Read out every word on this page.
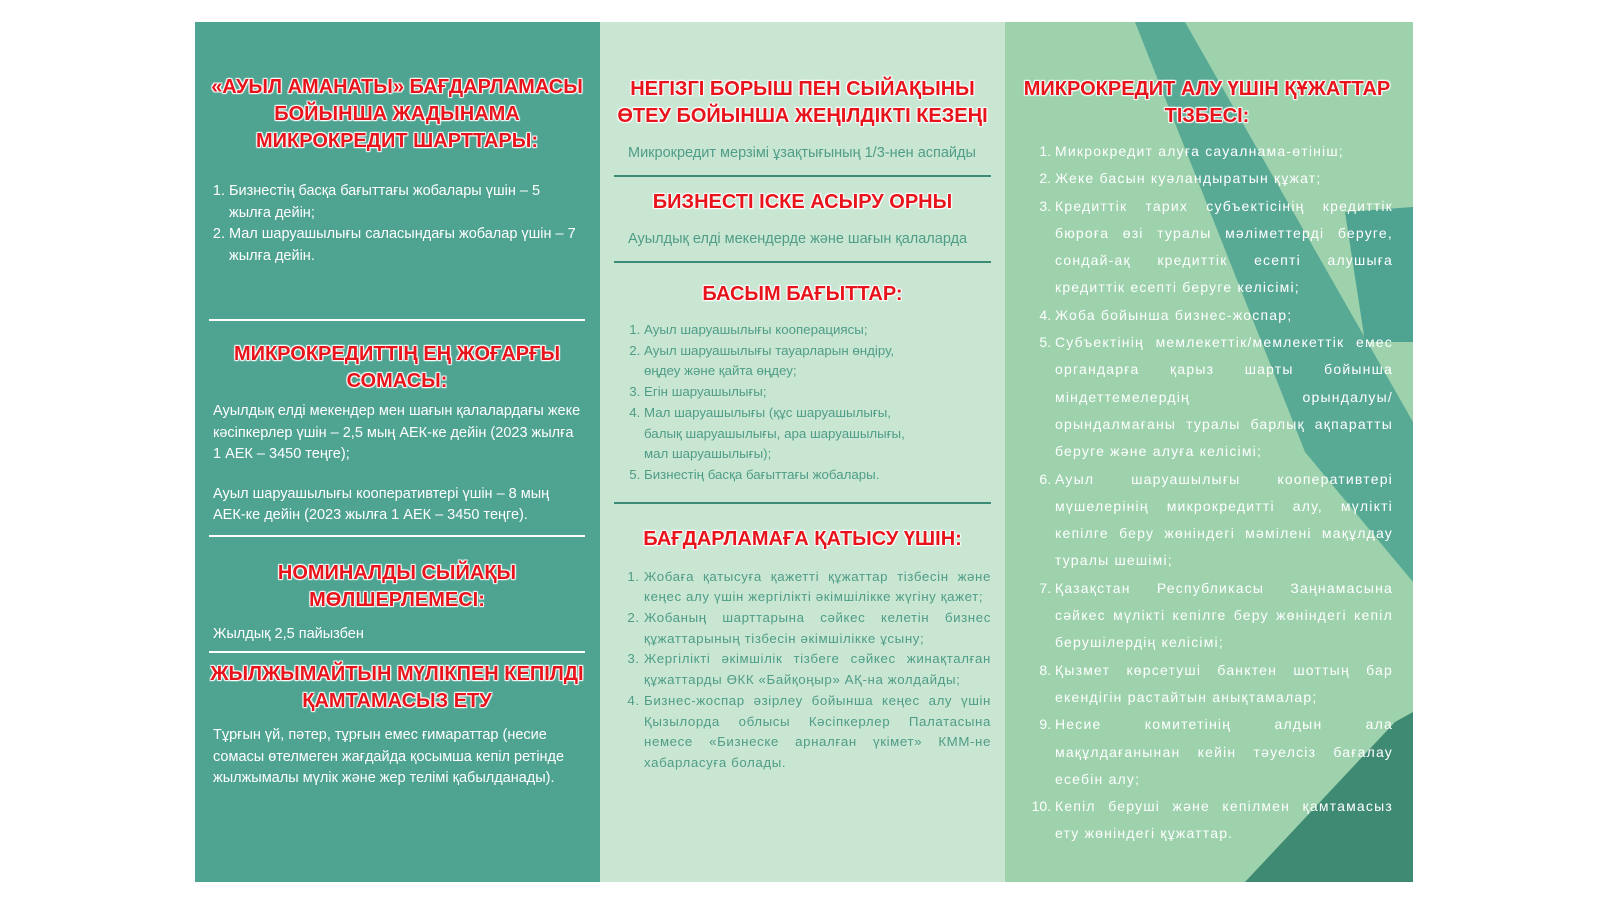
«АУЫЛ АМАНАТЫ» БАҒДАРЛАМАСЫ БОЙЫНША ЖАДЫНАМА МИКРОКРЕДИТ ШАРТТАРЫ:
1. Бизнестің басқа бағыттағы жобалары үшін – 5 жылға дейін;
2. Мал шаруашылығы саласындағы жобалар үшін – 7 жылға дейін.
МИКРОКРЕДИТТІҢ ЕҢ ЖОҒАРҒЫ СОМАСЫ:

Ауылдық елді мекендер мен шағын қалалардағы жеке кәсіпкерлер үшін – 2,5 мың АЕК-ке дейін (2023 жылға 1 АЕК – 3450 теңге);

Ауыл шаруашылығы кооперативтері үшін – 8 мың АЕК-ке дейін (2023 жылға 1 АЕК – 3450 теңге).

НОМИНАЛДЫ СЫЙАҚЫ МӨЛШЕРЛЕМЕСІ:

Жылдық 2,5 пайызбен

ЖЫЛЖЫМАЙТЫН МҮЛІКПЕН КЕПІЛДІ ҚАМТАМАСЫЗ ЕТУ

Тұрғын үй, пәтер, тұрғын емес ғимараттар (несие сомасы өтелмеген жағдайда қосымша кепіл ретінде жылжымалы мүлік және жер телімі қабылданады).

НЕГІЗГІ БОРЫШ ПЕН СЫЙАҚЫНЫ ӨТЕУ БОЙЫНША ЖЕҢІЛДІКТІ КЕЗЕҢІ

Микрокредит мерзімі ұзақтығының 1/3-нен аспайды

БИЗНЕСТІ ІСКЕ АСЫРУ ОРНЫ

Ауылдық елді мекендерде және шағын қалаларда

БАСЫМ БАҒЫТТАР:
1. Ауыл шаруашылығы кооперациясы;
2. Ауыл шаруашылығы тауарларын өндіру, өңдеу және қайта өңдеу;
3. Егін шаруашылығы;
4. Мал шаруашылығы (құс шаруашылығы, балық шаруашылығы, ара шаруашылығы, мал шаруашылығы);
5. Бизнестің басқа бағыттағы жобалары.
БАҒДАРЛАМАҒА ҚАТЫСУ ҮШІН:
1. Жобаға қатысуға қажетті құжаттар тізбесін және кеңес алу үшін жергілікті әкімшілікке жүгіну қажет;
2. Жобаның шарттарына сәйкес келетін бизнес құжаттарының тізбесін әкімшілікке ұсыну;
3. Жергілікті әкімшілік тізбеге сәйкес жинақталған құжаттарды ӨКК «Байқоңыр» АҚ-на жолдайды;
4. Бизнес-жоспар әзірлеу бойынша кеңес алу үшін Қызылорда облысы Кәсіпкерлер Палатасына немесе «Бизнеске арналған үкімет» КММ-не хабарласуға болады.
МИКРОКРЕДИТ АЛУ ҮШІН ҚҰЖАТТАР ТІЗБЕСІ:
1. Микрокредит алуға сауалнама-өтініш;
2. Жеке басын куәландыратын құжат;
3. Кредиттік тарих субъектісінің кредиттік бюроға өзі туралы мәліметтерді беруге, сондай-ақ кредиттік есепті алушыға кредиттік есепті беруге келісімі;
4. Жоба бойынша бизнес-жоспар;
5. Субъектінің мемлекеттік/мемлекеттік емес органдарға қарыз шарты бойынша міндеттемелердің орындалуы/орындалмағаны туралы барлық ақпаратты беруге және алуға келісімі;
6. Ауыл шаруашылығы кооперативтері мүшелерінің микрокредитті алу, мүлікті кепілге беру жөніндегі мәмілені мақұлдау туралы шешімі;
7. Қазақстан Республикасы Заңнамасына сәйкес мүлікті кепілге беру жөніндегі кепіл берушілердің келісімі;
8. Қызмет көрсетуші банктен шоттың бар екендігін растайтын анықтамалар;
9. Несие комитетінің алдын ала мақұлдағанынан кейін тәуелсіз бағалау есебін алу;
10. Кепіл беруші және кепілмен қамтамасыз ету жөніндегі құжаттар.
